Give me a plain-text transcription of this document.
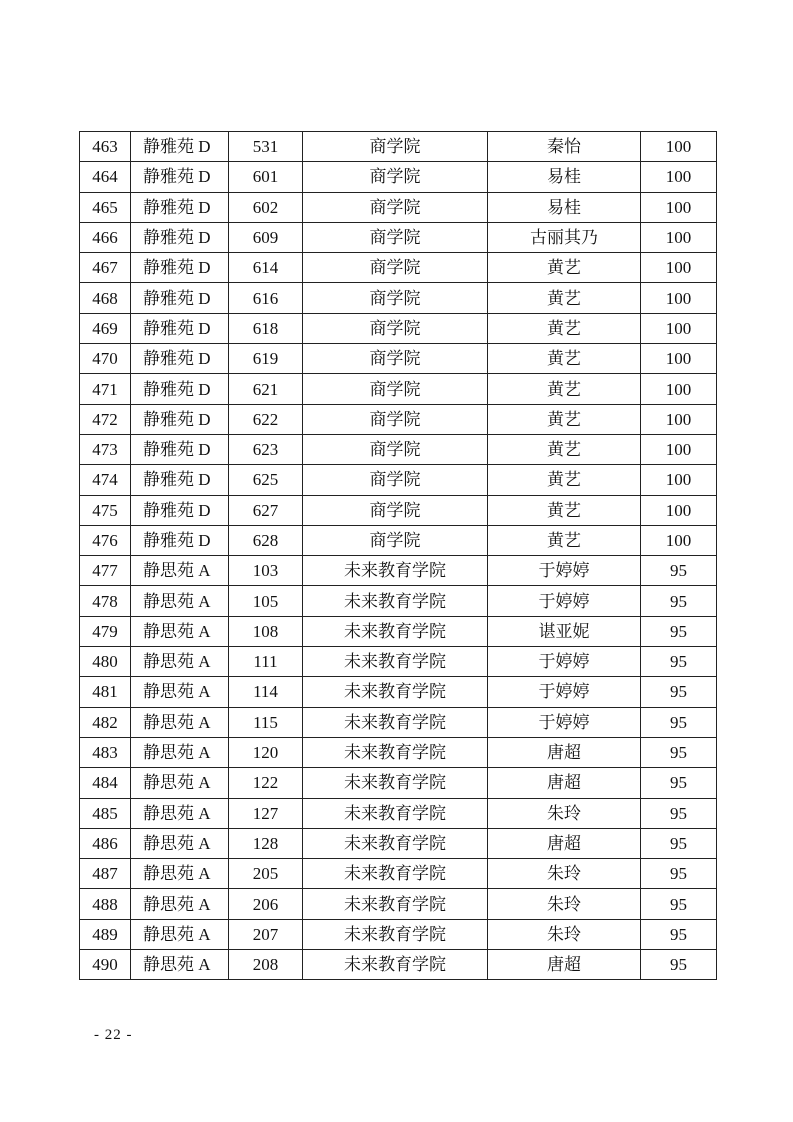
463	静雅苑 D	531	商学院	秦怡	100
464	静雅苑 D	601	商学院	易桂	100
465	静雅苑 D	602	商学院	易桂	100
466	静雅苑 D	609	商学院	古丽其乃	100
467	静雅苑 D	614	商学院	黄艺	100
468	静雅苑 D	616	商学院	黄艺	100
469	静雅苑 D	618	商学院	黄艺	100
470	静雅苑 D	619	商学院	黄艺	100
471	静雅苑 D	621	商学院	黄艺	100
472	静雅苑 D	622	商学院	黄艺	100
473	静雅苑 D	623	商学院	黄艺	100
474	静雅苑 D	625	商学院	黄艺	100
475	静雅苑 D	627	商学院	黄艺	100
476	静雅苑 D	628	商学院	黄艺	100
477	静思苑 A	103	未来教育学院	于婷婷	95
478	静思苑 A	105	未来教育学院	于婷婷	95
479	静思苑 A	108	未来教育学院	谌亚妮	95
480	静思苑 A	111	未来教育学院	于婷婷	95
481	静思苑 A	114	未来教育学院	于婷婷	95
482	静思苑 A	115	未来教育学院	于婷婷	95
483	静思苑 A	120	未来教育学院	唐超	95
484	静思苑 A	122	未来教育学院	唐超	95
485	静思苑 A	127	未来教育学院	朱玲	95
486	静思苑 A	128	未来教育学院	唐超	95
487	静思苑 A	205	未来教育学院	朱玲	95
488	静思苑 A	206	未来教育学院	朱玲	95
489	静思苑 A	207	未来教育学院	朱玲	95
490	静思苑 A	208	未来教育学院	唐超	95
- 22 -
